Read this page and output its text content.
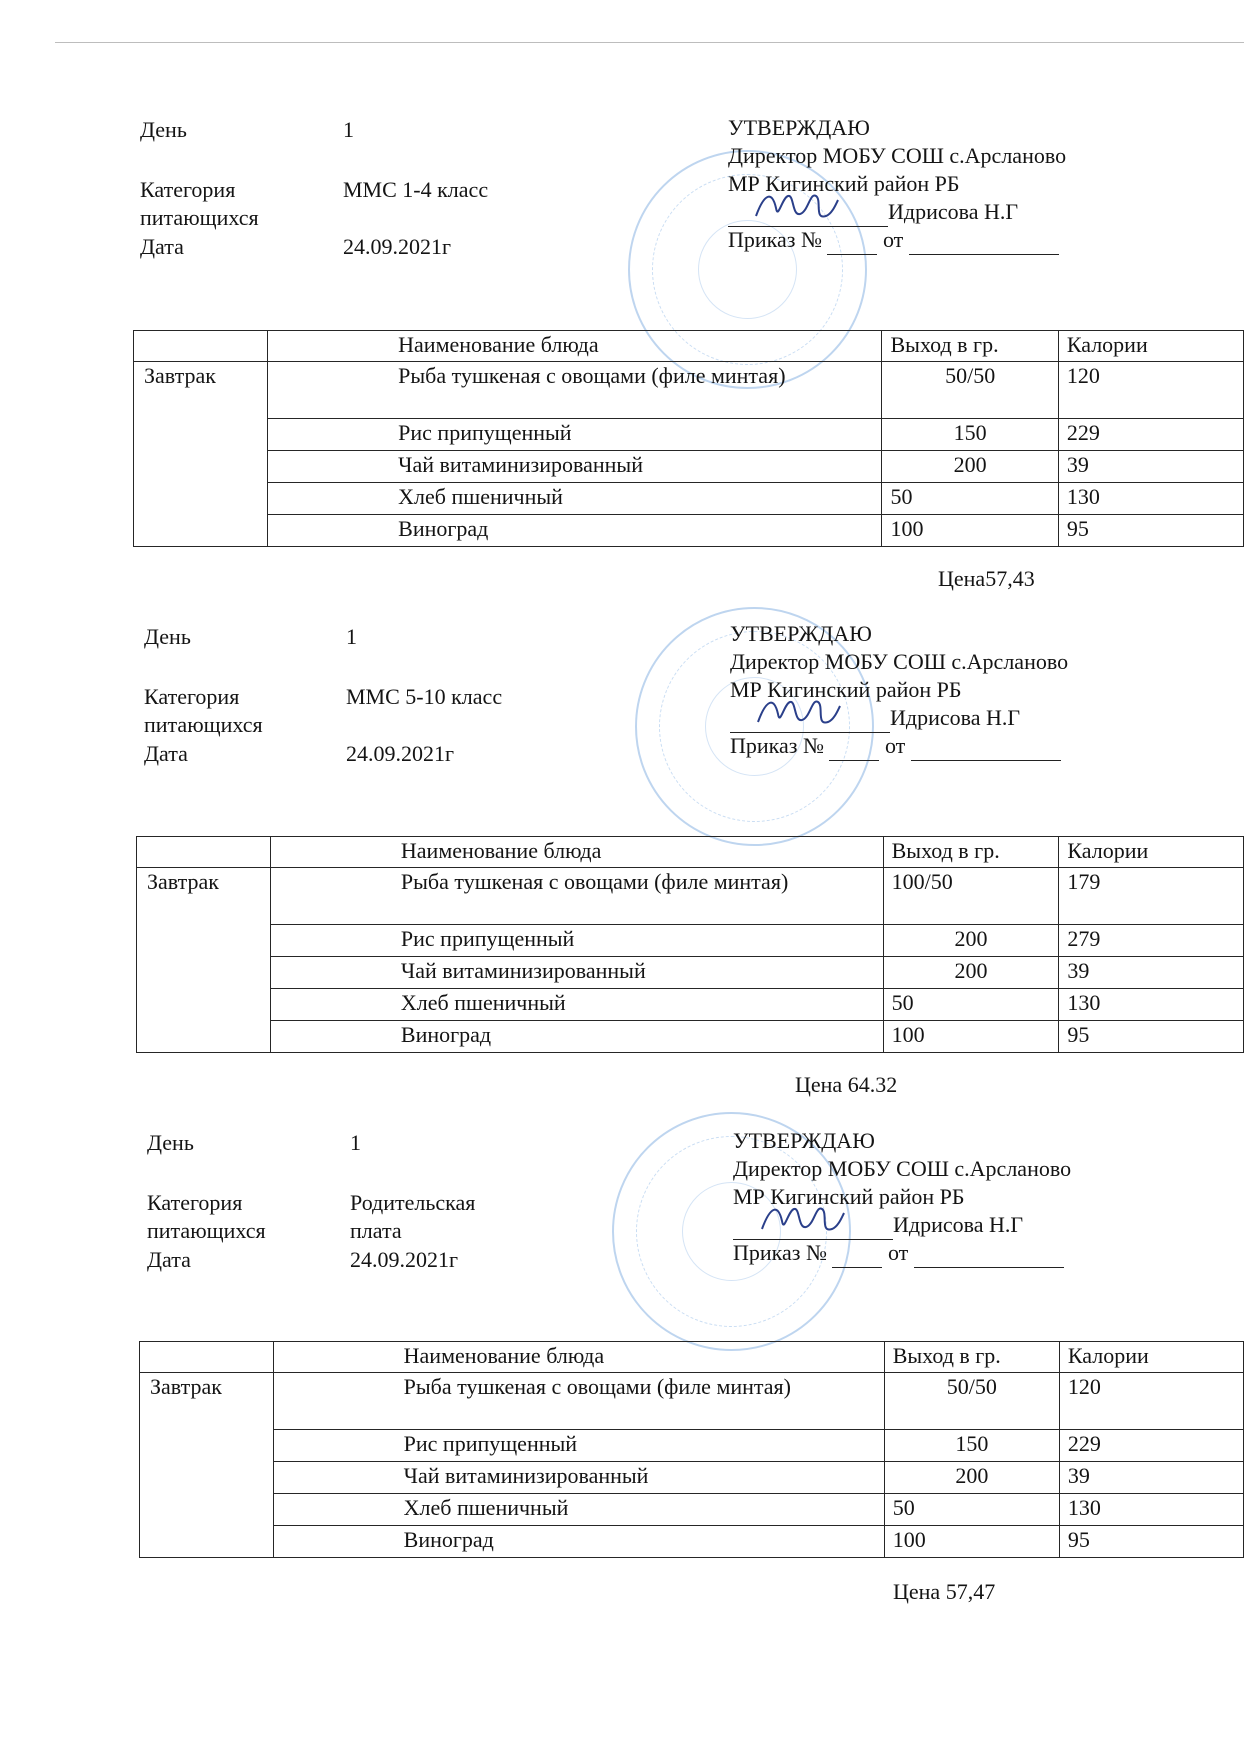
День	1
Категория
питающихся
ММС 1-4 класс
Дата	24.09.2021г
УТВЕРЖДАЮ
Директор МОБУ СОШ с.Арсланово
МР Кигинский район РБ
Идрисова Н.Г
Приказ №	от
	Наименование блюда	Выход в гр.	Калории
Завтрак	Рыба тушкеная с овощами (филе минтая)	50/50	120
	Рис припущенный	150	229
	Чай витаминизированный	200	39
	Хлеб пшеничный	50	130
	Виноград	100	95
Цена57,43
День	1
Категория
питающихся
ММС 5-10 класс
Дата	24.09.2021г
УТВЕРЖДАЮ
Директор МОБУ СОШ с.Арсланово
МР Кигинский район РБ
Идрисова Н.Г
Приказ №	от
	Наименование блюда	Выход в гр.	Калории
Завтрак	Рыба тушкеная с овощами (филе минтая)	100/50	179
	Рис припущенный	200	279
	Чай витаминизированный	200	39
	Хлеб пшеничный	50	130
	Виноград	100	95
Цена 64.32
День	1
Категория
питающихся
Родительская
плата
Дата	24.09.2021г
УТВЕРЖДАЮ
Директор МОБУ СОШ с.Арсланово
МР Кигинский район РБ
Идрисова Н.Г
Приказ №	от
	Наименование блюда	Выход в гр.	Калории
Завтрак	Рыба тушкеная с овощами (филе минтая)	50/50	120
	Рис припущенный	150	229
	Чай витаминизированный	200	39
	Хлеб пшеничный	50	130
	Виноград	100	95
Цена 57,47
